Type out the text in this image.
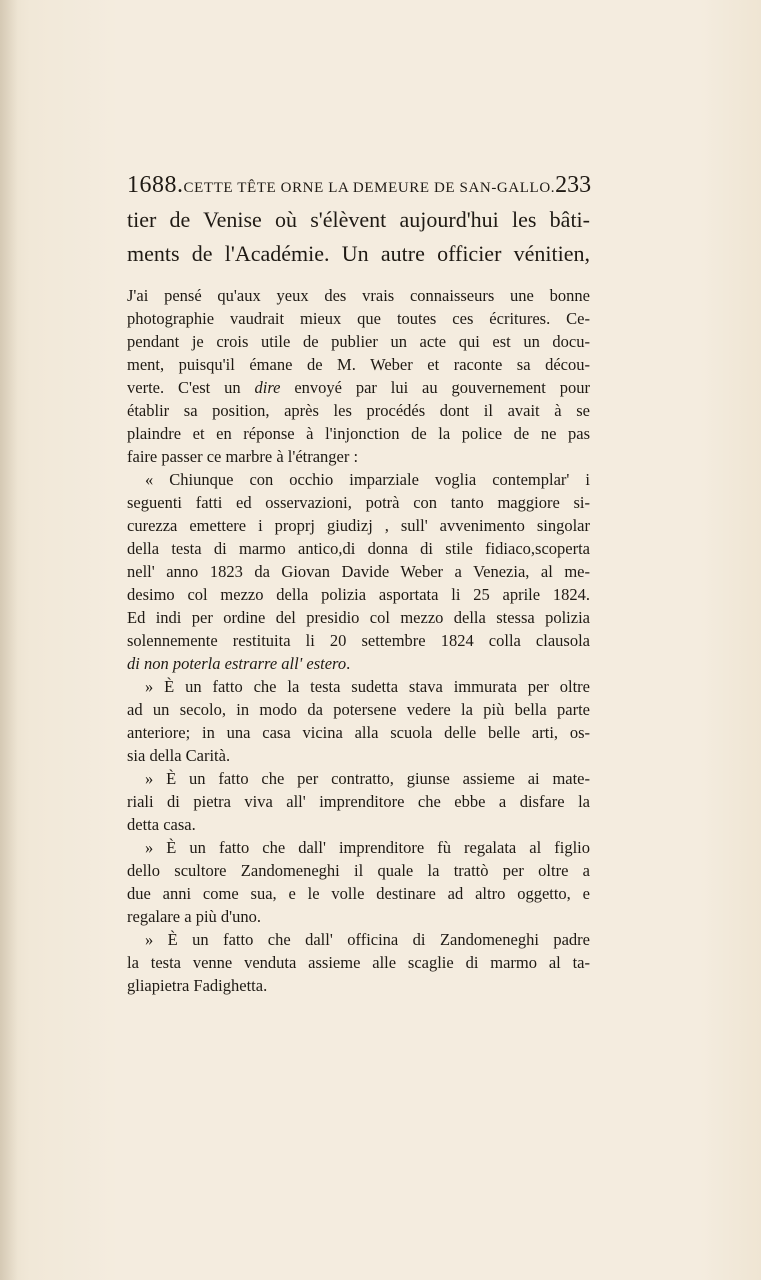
1688. CETTE TÊTE ORNE LA DEMEURE DE SAN-GALLO. 233
tier de Venise où s'élèvent aujourd'hui les bâti-
ments de l'Académie. Un autre officier vénitien,

J'ai pensé qu'aux yeux des vrais connaisseurs une bonne
photographie vaudrait mieux que toutes ces écritures. Ce-
pendant je crois utile de publier un acte qui est un docu-
ment, puisqu'il émane de M. Weber et raconte sa décou-
verte. C'est un dire envoyé par lui au gouvernement pour
établir sa position, après les procédés dont il avait à se
plaindre et en réponse à l'injonction de la police de ne pas
faire passer ce marbre à l'étranger :

« Chiunque con occhio imparziale voglia contemplar' i
seguenti fatti ed osservazioni, potrà con tanto maggiore si-
curezza emettere i proprj giudizj , sull' avvenimento singolar
della testa di marmo antico,di donna di stile fidiaco,scoperta
nell' anno 1823 da Giovan Davide Weber a Venezia, al me-
desimo col mezzo della polizia asportata li 25 aprile 1824.
Ed indi per ordine del presidio col mezzo della stessa polizia
solennemente restituita li 20 settembre 1824 colla clausola
di non poterla estrarre all' estero.

» È un fatto che la testa sudetta stava immurata per oltre
ad un secolo, in modo da potersene vedere la più bella parte
anteriore; in una casa vicina alla scuola delle belle arti, os-
sia della Carità.

» È un fatto che per contratto, giunse assieme ai mate-
riali di pietra viva all' imprenditore che ebbe a disfare la
detta casa.

» È un fatto che dall' imprenditore fù regalata al figlio
dello scultore Zandomeneghi il quale la trattò per oltre a
due anni come sua, e le volle destinare ad altro oggetto, e
regalare a più d'uno.

» È un fatto che dall' officina di Zandomeneghi padre
la testa venne venduta assieme alle scaglie di marmo al ta-
gliapietra Fadighetta.
